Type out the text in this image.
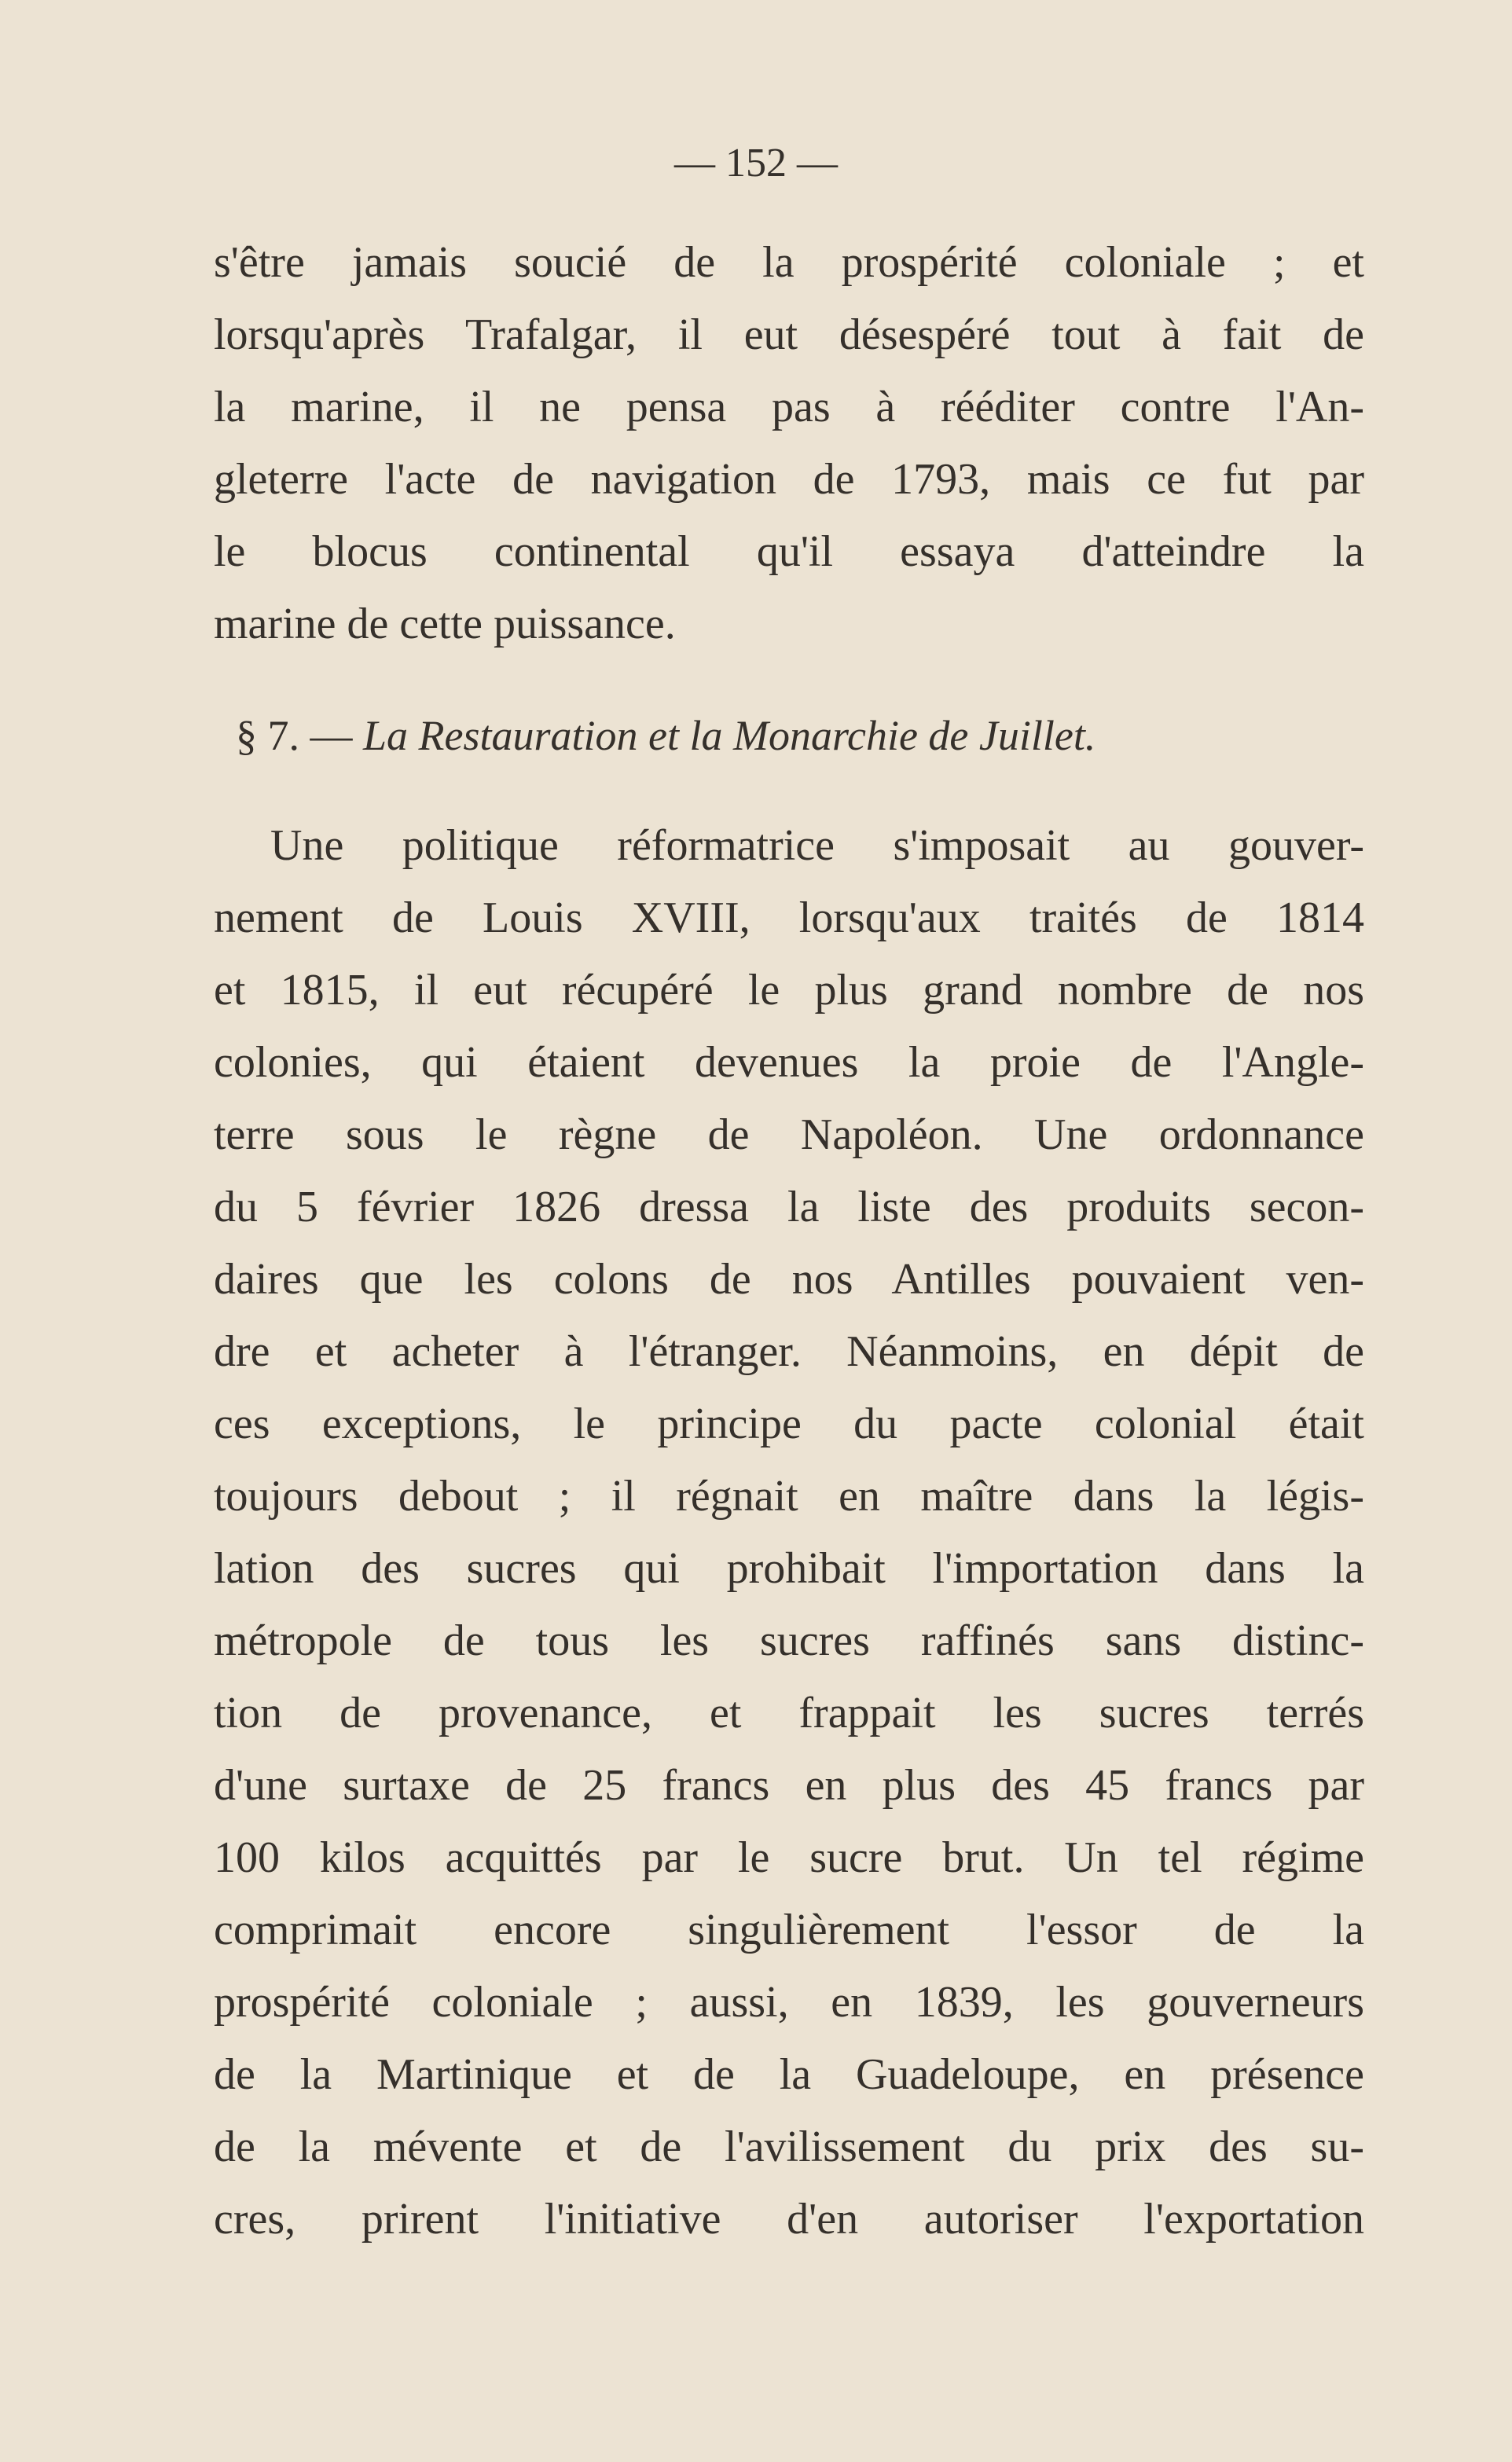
— 152 —
s'être jamais soucié de la prospérité coloniale ; et
lorsqu'après Trafalgar, il eut désespéré tout à fait de
la marine, il ne pensa pas à rééditer contre l'An-
gleterre l'acte de navigation de 1793, mais ce fut par
le blocus continental qu'il essaya d'atteindre la
marine de cette puissance.
§ 7. — La Restauration et la Monarchie de Juillet.
Une politique réformatrice s'imposait au gouver-
nement de Louis XVIII, lorsqu'aux traités de 1814
et 1815, il eut récupéré le plus grand nombre de nos
colonies, qui étaient devenues la proie de l'Angle-
terre sous le règne de Napoléon. Une ordonnance
du 5 février 1826 dressa la liste des produits secon-
daires que les colons de nos Antilles pouvaient ven-
dre et acheter à l'étranger. Néanmoins, en dépit de
ces exceptions, le principe du pacte colonial était
toujours debout ; il régnait en maître dans la légis-
lation des sucres qui prohibait l'importation dans la
métropole de tous les sucres raffinés sans distinc-
tion de provenance, et frappait les sucres terrés
d'une surtaxe de 25 francs en plus des 45 francs par
100 kilos acquittés par le sucre brut. Un tel régime
comprimait encore singulièrement l'essor de la
prospérité coloniale ; aussi, en 1839, les gouverneurs
de la Martinique et de la Guadeloupe, en présence
de la mévente et de l'avilissement du prix des su-
cres, prirent l'initiative d'en autoriser l'exportation
